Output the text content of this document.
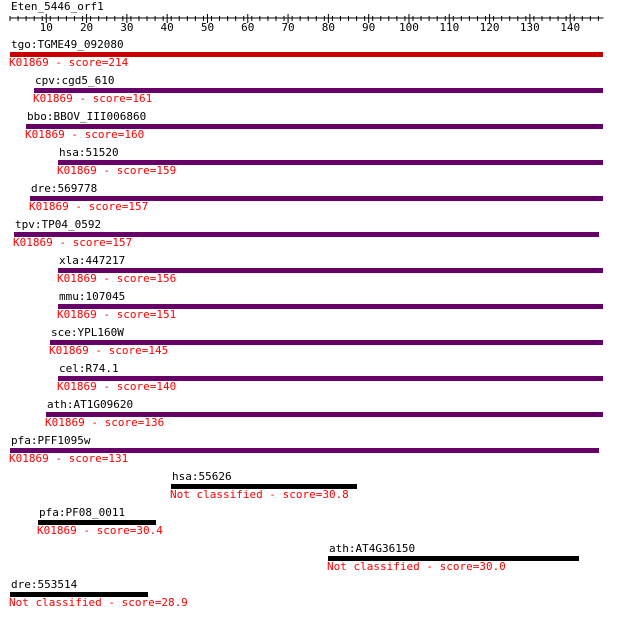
Eten_5446_orf1
10 20 30 40 50 60 70 80 90 100 110 120 130 140
tgo:TGME49_092080
K01869 - score=214
cpv:cgd5_610
K01869 - score=161
bbo:BBOV_III006860
K01869 - score=160
hsa:51520
K01869 - score=159
dre:569778
K01869 - score=157
tpv:TP04_0592
K01869 - score=157
xla:447217
K01869 - score=156
mmu:107045
K01869 - score=151
sce:YPL160W
K01869 - score=145
cel:R74.1
K01869 - score=140
ath:AT1G09620
K01869 - score=136
pfa:PFF1095w
K01869 - score=131
hsa:55626
Not classified - score=30.8
pfa:PF08_0011
K01869 - score=30.4
ath:AT4G36150
Not classified - score=30.0
dre:553514
Not classified - score=28.9
